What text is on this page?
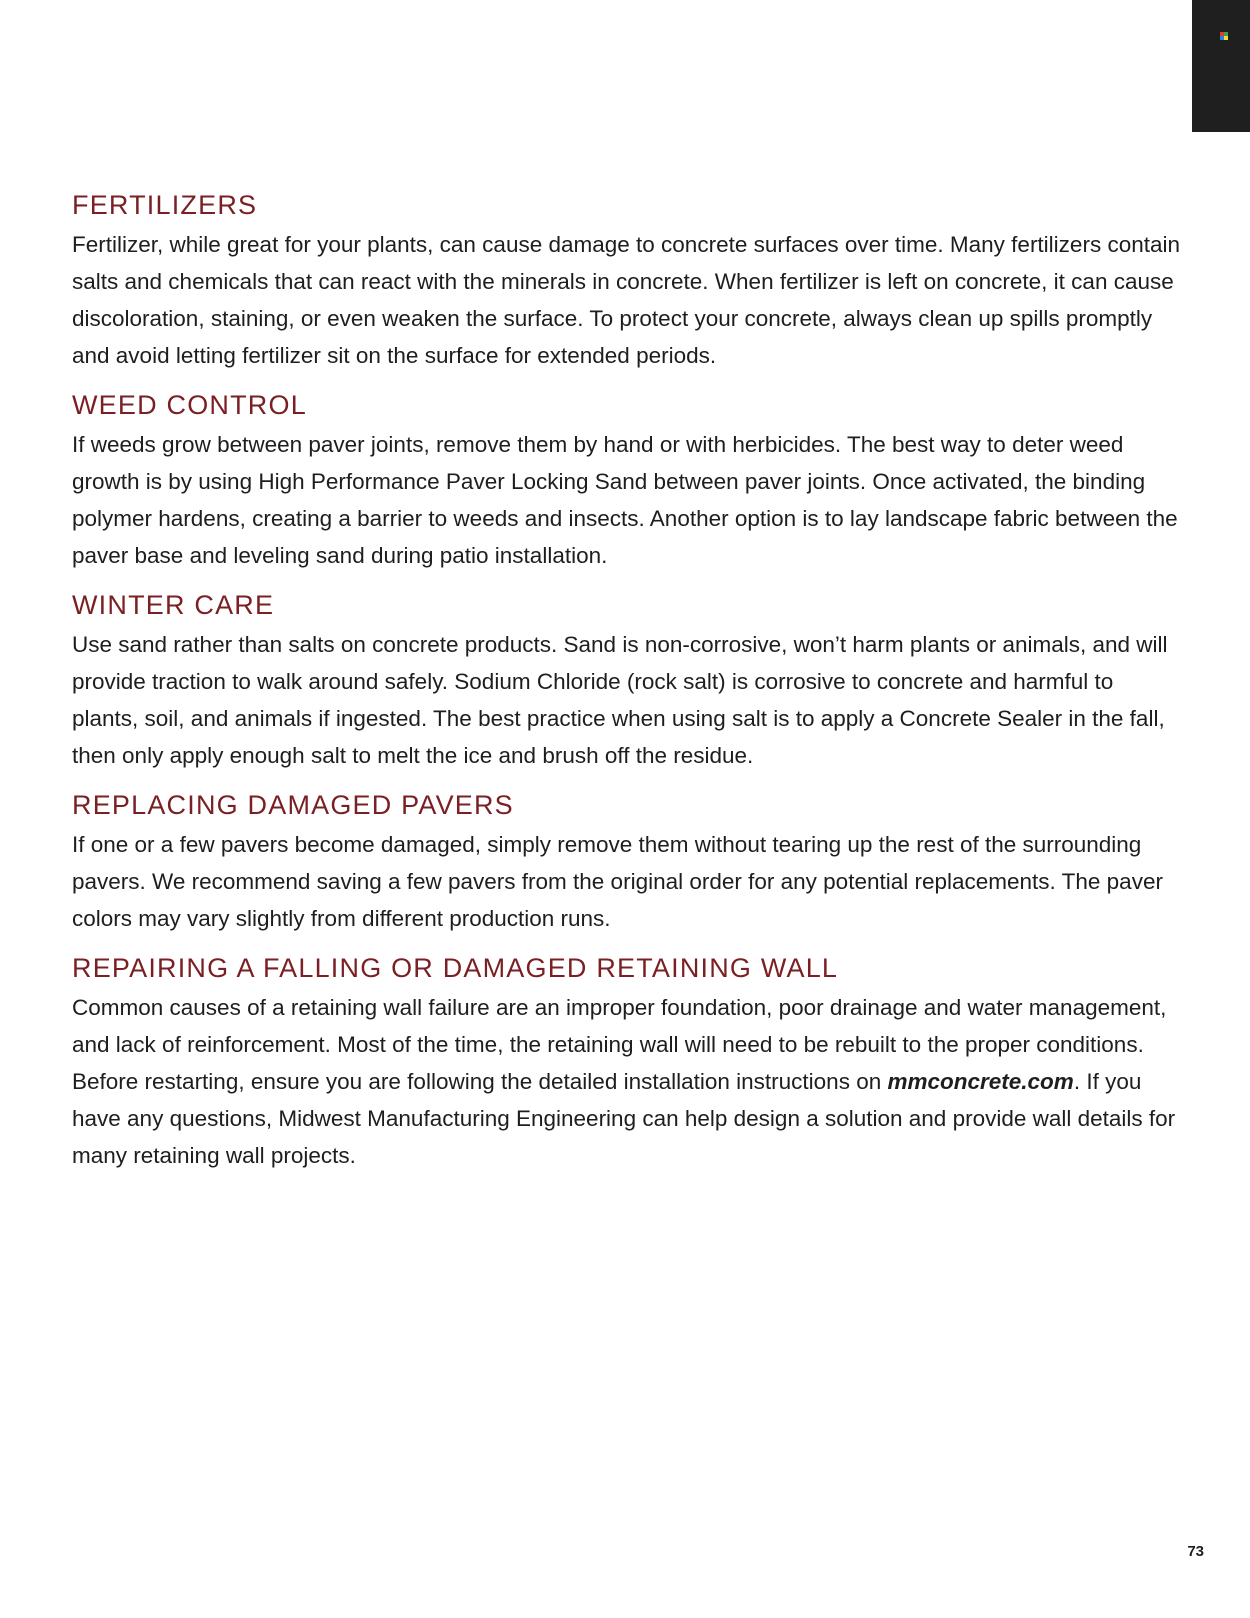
FERTILIZERS

Fertilizer, while great for your plants, can cause damage to concrete surfaces over time. Many fertilizers contain salts and chemicals that can react with the minerals in concrete. When fertilizer is left on concrete, it can cause discoloration, staining, or even weaken the surface. To protect your concrete, always clean up spills promptly and avoid letting fertilizer sit on the surface for extended periods.

WEED CONTROL

If weeds grow between paver joints, remove them by hand or with herbicides. The best way to deter weed growth is by using High Performance Paver Locking Sand between paver joints. Once activated, the binding polymer hardens, creating a barrier to weeds and insects. Another option is to lay landscape fabric between the paver base and leveling sand during patio installation.

WINTER CARE

Use sand rather than salts on concrete products. Sand is non-corrosive, won’t harm plants or animals, and will provide traction to walk around safely. Sodium Chloride (rock salt) is corrosive to concrete and harmful to plants, soil, and animals if ingested. The best practice when using salt is to apply a Concrete Sealer in the fall, then only apply enough salt to melt the ice and brush off the residue.

REPLACING DAMAGED PAVERS

If one or a few pavers become damaged, simply remove them without tearing up the rest of the surrounding pavers. We recommend saving a few pavers from the original order for any potential replacements. The paver colors may vary slightly from different production runs.

REPAIRING A FALLING OR DAMAGED RETAINING WALL

Common causes of a retaining wall failure are an improper foundation, poor drainage and water management, and lack of reinforcement. Most of the time, the retaining wall will need to be rebuilt to the proper conditions. Before restarting, ensure you are following the detailed installation instructions on mmconcrete.com. If you have any questions, Midwest Manufacturing Engineering can help design a solution and provide wall details for many retaining wall projects.

73
